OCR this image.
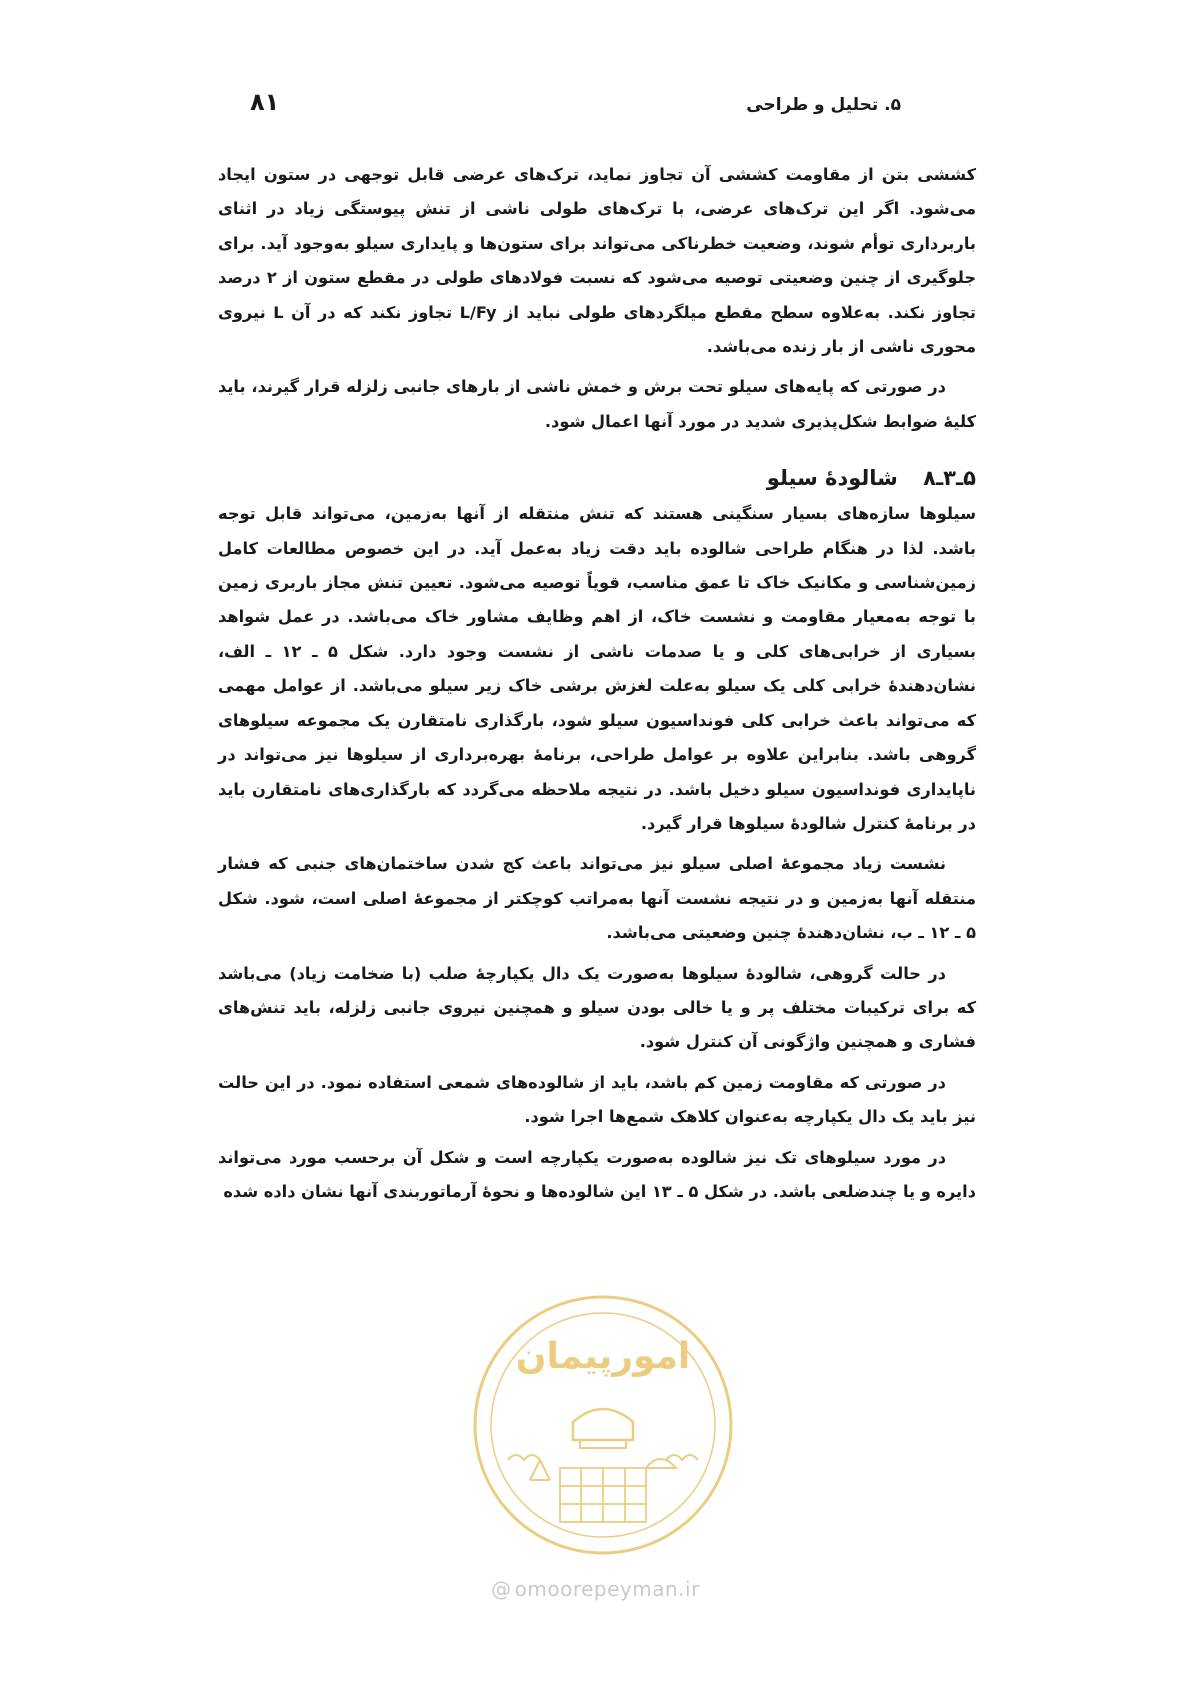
۵. تحلیل و طراحی
۸۱

کششی بتن از مقاومت کششی آن تجاوز نماید، ترک‌های عرضی قابل توجهی در ستون ایجاد می‌شود. اگر این ترک‌های عرضی، با ترک‌های طولی ناشی از تنش پیوستگی زیاد در اثنای باربرداری توأم شوند، وضعیت خطرناکی می‌تواند برای ستون‌ها و پایداری سیلو به‌وجود آید. برای جلوگیری از چنین وضعیتی توصیه می‌شود که نسبت فولادهای طولی در مقطع ستون از ۲ درصد تجاوز نکند. به‌علاوه سطح مقطع میلگردهای طولی نباید از L/Fy تجاوز نکند که در آن L نیروی محوری ناشی از بار زنده می‌باشد.

در صورتی که پایه‌های سیلو تحت برش و خمش ناشی از بارهای جانبی زلزله قرار گیرند، باید کلیهٔ ضوابط شکل‌پذیری شدید در مورد آنها اعمال شود.

۵ـ۳ـ۸ شالودهٔ سیلو

سیلوها سازه‌های بسیار سنگینی هستند که تنش منتقله از آنها به‌زمین، می‌تواند قابل توجه باشد. لذا در هنگام طراحی شالوده باید دقت زیاد به‌عمل آید. در این خصوص مطالعات کامل زمین‌شناسی و مکانیک خاک تا عمق مناسب، قویاً توصیه می‌شود. تعیین تنش مجاز باربری زمین با توجه به‌معیار مقاومت و نشست خاک، از اهم وظایف مشاور خاک می‌باشد. در عمل شواهد بسیاری از خرابی‌های کلی و یا صدمات ناشی از نشست وجود دارد. شکل ۵ ـ ۱۲ ـ الف، نشان‌دهندهٔ خرابی کلی یک سیلو به‌علت لغزش برشی خاک زیر سیلو می‌باشد. از عوامل مهمی که می‌تواند باعث خرابی کلی فونداسیون سیلو شود، بارگذاری نامتقارن یک مجموعه سیلوهای گروهی باشد. بنابراین علاوه بر عوامل طراحی، برنامهٔ بهره‌برداری از سیلوها نیز می‌تواند در ناپایداری فونداسیون سیلو دخیل باشد. در نتیجه ملاحظه می‌گردد که بارگذاری‌های نامتقارن باید در برنامهٔ کنترل شالودهٔ سیلوها قرار گیرد.

نشست زیاد مجموعهٔ اصلی سیلو نیز می‌تواند باعث کج شدن ساختمان‌های جنبی که فشار منتقله آنها به‌زمین و در نتیجه نشست آنها به‌مراتب کوچکتر از مجموعهٔ اصلی است، شود. شکل ۵ ـ ۱۲ ـ ب، نشان‌دهندهٔ چنین وضعیتی می‌باشد.

در حالت گروهی، شالودهٔ سیلوها به‌صورت یک دال یکپارچهٔ صلب (با ضخامت زیاد) می‌باشد که برای ترکیبات مختلف پر و یا خالی بودن سیلو و همچنین نیروی جانبی زلزله، باید تنش‌های فشاری و همچنین واژگونی آن کنترل شود.

در صورتی که مقاومت زمین کم باشد، باید از شالوده‌های شمعی استفاده نمود. در این حالت نیز باید یک دال یکپارچه به‌عنوان کلاهک شمع‌ها اجرا شود.

در مورد سیلوهای تک نیز شالوده به‌صورت یکپارچه است و شکل آن برحسب مورد می‌تواند دایره و یا چندضلعی باشد. در شکل ۵ ـ ۱۳ این شالوده‌ها و نحوهٔ آرماتوربندی آنها نشان داده شده

امورپیمان
@ omoorepeyman.ir
